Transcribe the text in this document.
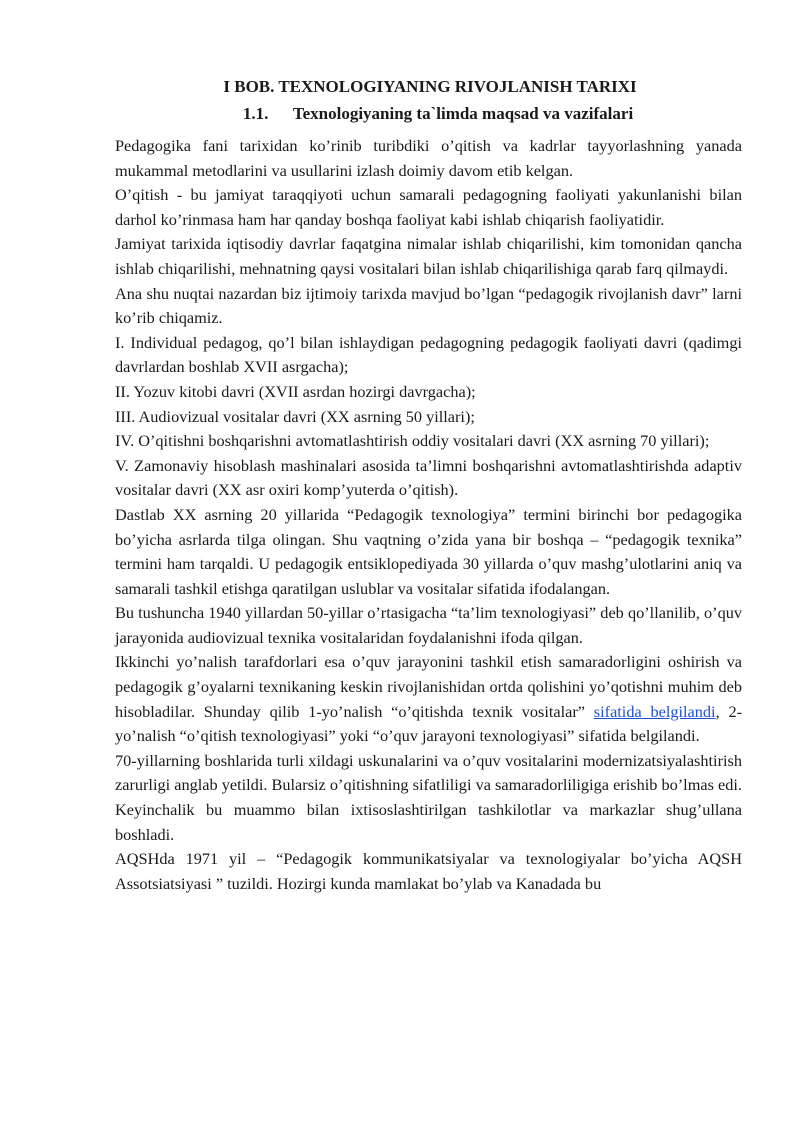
I BOB. TEXNOLOGIYANING RIVOJLANISH TARIXI
1.1. Texnologiyaning ta`limda maqsad va vazifalari

Pedagogika fani tarixidan ko’rinib turibdiki o’qitish va kadrlar tayyorlashning yanada mukammal metodlarini va usullarini izlash doimiy davom etib kelgan.

O’qitish - bu jamiyat taraqqiyoti uchun samarali pedagogning faoliyati yakunlanishi bilan darhol ko’rinmasa ham har qanday boshqa faoliyat kabi ishlab chiqarish faoliyatidir.

Jamiyat tarixida iqtisodiy davrlar faqatgina nimalar ishlab chiqarilishi, kim tomonidan qancha ishlab chiqarilishi, mehnatning qaysi vositalari bilan ishlab chiqarilishiga qarab farq qilmaydi.

Ana shu nuqtai nazardan biz ijtimoiy tarixda mavjud bo’lgan “pedagogik rivojlanish davr” larni ko’rib chiqamiz.

I. Individual pedagog, qo’l bilan ishlaydigan pedagogning pedagogik faoliyati davri (qadimgi davrlardan boshlab XVII asrgacha);

II. Yozuv kitobi davri (XVII asrdan hozirgi davrgacha);

III. Audiovizual vositalar davri (XX asrning 50 yillari);

IV. O’qitishni boshqarishni avtomatlashtirish oddiy vositalari davri (XX asrning 70 yillari);

V. Zamonaviy hisoblash mashinalari asosida ta’limni boshqarishni avtomatlashtirishda adaptiv vositalar davri (XX asr oxiri komp’yuterda o’qitish).

Dastlab XX asrning 20 yillarida “Pedagogik texnologiya” termini birinchi bor pedagogika bo’yicha asrlarda tilga olingan. Shu vaqtning o’zida yana bir boshqa – “pedagogik texnika” termini ham tarqaldi. U pedagogik entsiklopediyada 30 yillarda o’quv mashg’ulotlarini aniq va samarali tashkil etishga qaratilgan uslublar va vositalar sifatida ifodalangan.

Bu tushuncha 1940 yillardan 50-yillar o’rtasigacha “ta’lim texnologiyasi” deb qo’llanilib, o’quv jarayonida audiovizual texnika vositalaridan foydalanishni ifoda qilgan.

Ikkinchi yo’nalish tarafdorlari esa o’quv jarayonini tashkil etish samaradorligini oshirish va pedagogik g’oyalarni texnikaning keskin rivojlanishidan ortda qolishini yo’qotishni muhim deb hisobladilar. Shunday qilib 1-yo’nalish “o’qitishda texnik vositalar” sifatida belgilandi, 2-yo’nalish “o’qitish texnologiyasi” yoki “o’quv jarayoni texnologiyasi” sifatida belgilandi.

70-yillarning boshlarida turli xildagi uskunalarini va o’quv vositalarini modernizatsiyalashtirish zarurligi anglab yetildi. Bularsiz o’qitishning sifatliligi va samaradorliligiga erishib bo’lmas edi. Keyinchalik bu muammo bilan ixtisoslashtirilgan tashkilotlar va markazlar shug’ullana boshladi.

AQSHda 1971 yil – “Pedagogik kommunikatsiyalar va texnologiyalar bo’yicha AQSH Assotsiatsiyasi ” tuzildi. Hozirgi kunda mamlakat bo’ylab va Kanadada bu
